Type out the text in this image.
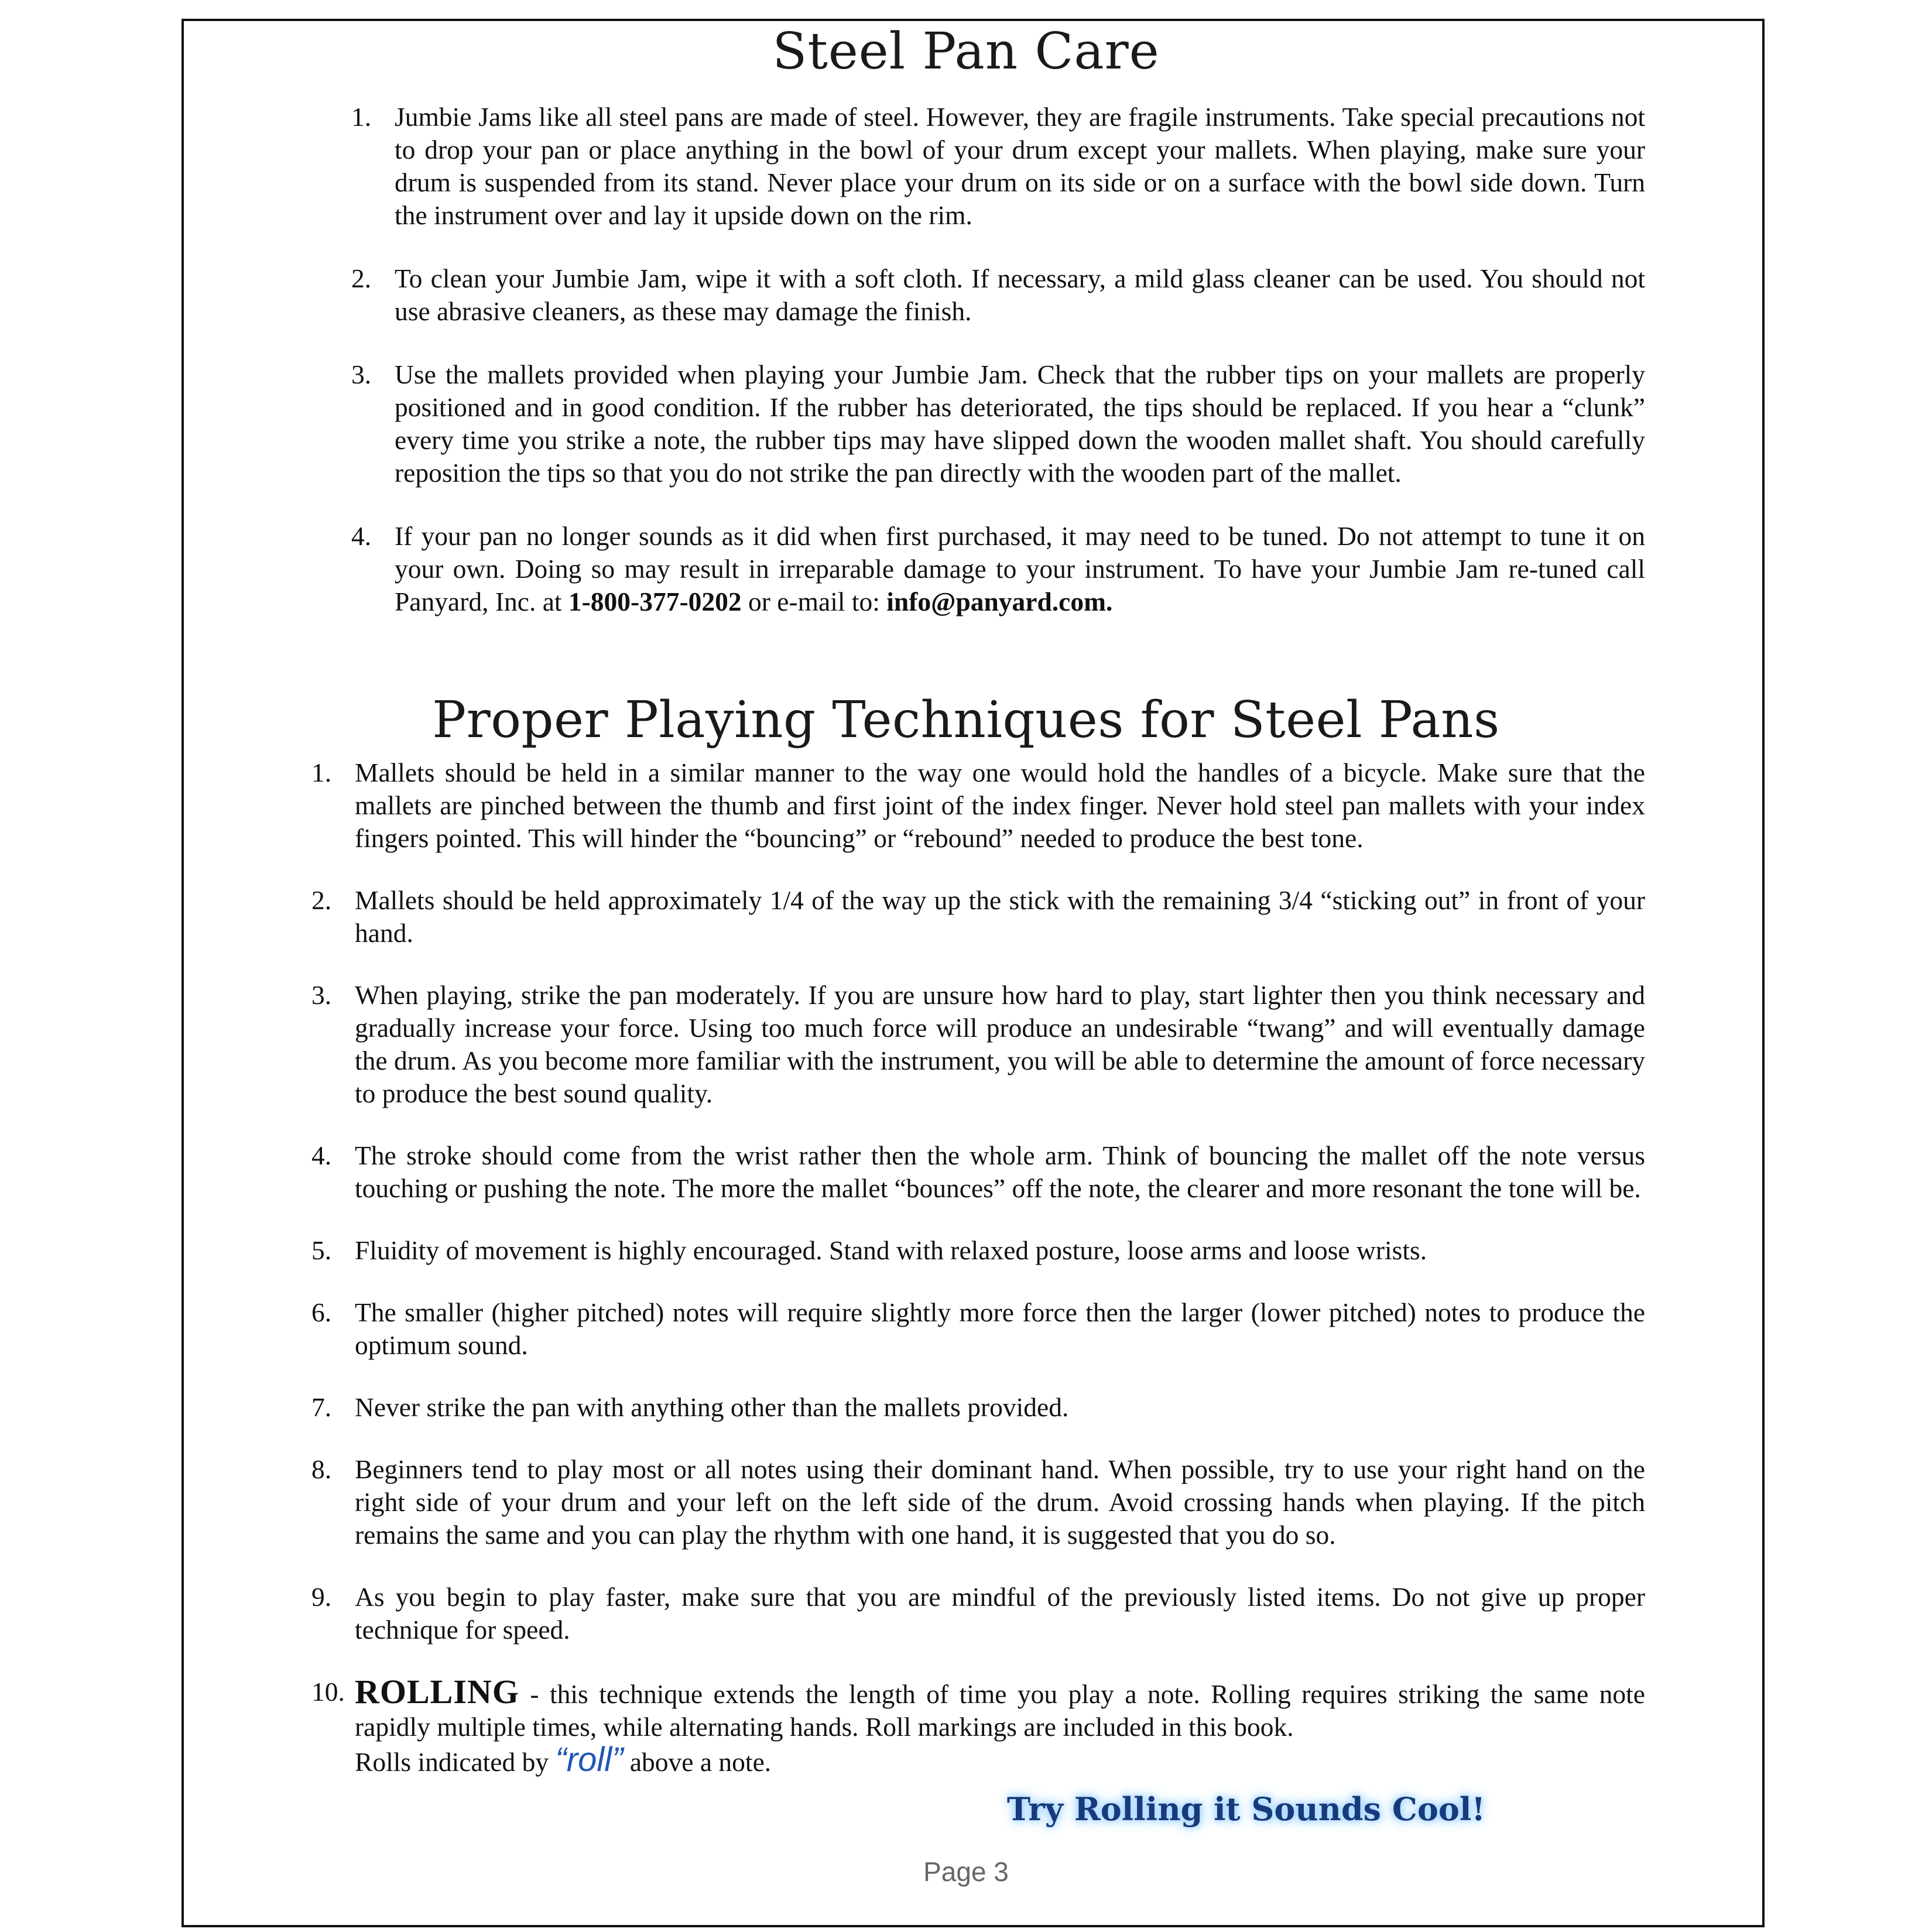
Steel Pan Care
1. Jumbie Jams like all steel pans are made of steel. However, they are fragile instruments. Take special precautions not to drop your pan or place anything in the bowl of your drum except your mallets. When playing, make sure your drum is suspended from its stand. Never place your drum on its side or on a surface with the bowl side down. Turn the instrument over and lay it upside down on the rim.
2. To clean your Jumbie Jam, wipe it with a soft cloth. If necessary, a mild glass cleaner can be used. You should not use abrasive cleaners, as these may damage the finish.
3. Use the mallets provided when playing your Jumbie Jam. Check that the rubber tips on your mallets are properly positioned and in good condition. If the rubber has deteriorated, the tips should be replaced. If you hear a “clunk” every time you strike a note, the rubber tips may have slipped down the wooden mallet shaft. You should carefully reposition the tips so that you do not strike the pan directly with the wooden part of the mallet.
4. If your pan no longer sounds as it did when first purchased, it may need to be tuned. Do not attempt to tune it on your own. Doing so may result in irreparable damage to your instrument. To have your Jumbie Jam re-tuned call Panyard, Inc. at 1-800-377-0202 or e-mail to: info@panyard.com.
Proper Playing Techniques for Steel Pans
1. Mallets should be held in a similar manner to the way one would hold the handles of a bicycle. Make sure that the mallets are pinched between the thumb and first joint of the index finger. Never hold steel pan mallets with your index fingers pointed. This will hinder the “bouncing” or “rebound” needed to produce the best tone.
2. Mallets should be held approximately 1/4 of the way up the stick with the remaining 3/4 “sticking out” in front of your hand.
3. When playing, strike the pan moderately. If you are unsure how hard to play, start lighter then you think necessary and gradually increase your force. Using too much force will produce an undesirable “twang” and will eventually damage the drum. As you become more familiar with the instrument, you will be able to determine the amount of force necessary to produce the best sound quality.
4. The stroke should come from the wrist rather then the whole arm. Think of bouncing the mallet off the note versus touching or pushing the note. The more the mallet “bounces” off the note, the clearer and more resonant the tone will be.
5. Fluidity of movement is highly encouraged. Stand with relaxed posture, loose arms and loose wrists.
6. The smaller (higher pitched) notes will require slightly more force then the larger (lower pitched) notes to produce the optimum sound.
7. Never strike the pan with anything other than the mallets provided.
8. Beginners tend to play most or all notes using their dominant hand. When possible, try to use your right hand on the right side of your drum and your left on the left side of the drum. Avoid crossing hands when playing. If the pitch remains the same and you can play the rhythm with one hand, it is suggested that you do so.
9. As you begin to play faster, make sure that you are mindful of the previously listed items. Do not give up proper technique for speed.
10. ROLLING - this technique extends the length of time you play a note. Rolling requires striking the same note rapidly multiple times, while alternating hands. Roll markings are included in this book.
Rolls indicated by “roll” above a note.
Try Rolling it Sounds Cool!
Page 3
